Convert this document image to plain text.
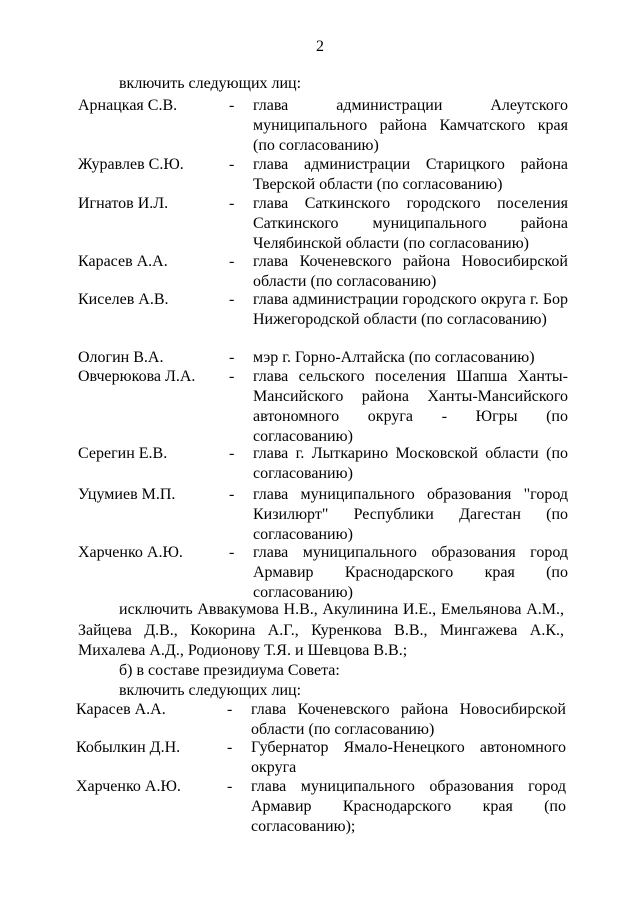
2
включить следующих лиц:
Арнацкая С.В.	-	глава администрации Алеутского муниципального района Камчатского края (по согласованию)
Журавлев С.Ю.	-	глава администрации Старицкого района Тверской области (по согласованию)
Игнатов И.Л.	-	глава Саткинского городского поселения Саткинского муниципального района Челябинской области (по согласованию)
Карасев А.А.	-	глава Коченевского района Новосибирской области (по согласованию)
Киселев А.В.	-	глава администрации городского округа г. Бор Нижегородской области (по согласованию)
Ологин В.А.	-	мэр г. Горно-Алтайска (по согласованию)
Овчерюкова Л.А.	-	глава сельского поселения Шапша Ханты-Мансийского района Ханты-Мансийского автономного округа - Югры (по согласованию)
Серегин Е.В.	-	глава г. Лыткарино Московской области (по согласованию)
Уцумиев М.П.	-	глава муниципального образования "город Кизилюрт" Республики Дагестан (по согласованию)
Харченко А.Ю.	-	глава муниципального образования город Армавир Краснодарского края (по согласованию)
исключить Аввакумова Н.В., Акулинина И.Е., Емельянова А.М., Зайцева Д.В., Кокорина А.Г., Куренкова В.В., Мингажева А.К., Михалева А.Д., Родионову Т.Я. и Шевцова В.В.;
б) в составе президиума Совета:
включить следующих лиц:
Карасев А.А.	-	глава Коченевского района Новосибирской области (по согласованию)
Кобылкин Д.Н.	-	Губернатор Ямало-Ненецкого автономного округа
Харченко А.Ю.	-	глава муниципального образования город Армавир Краснодарского края (по согласованию);
